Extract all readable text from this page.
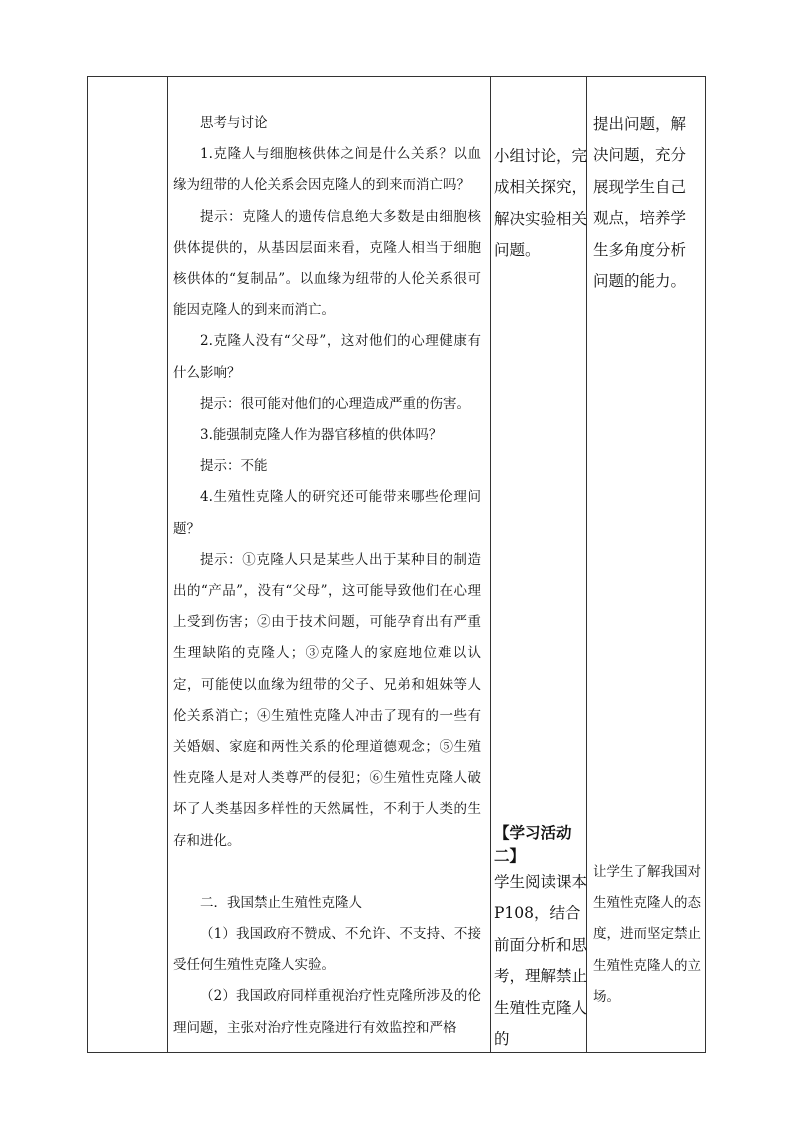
思考与讨论

1.克隆人与细胞核供体之间是什么关系？以血缘为纽带的人伦关系会因克隆人的到来而消亡吗？

提示：克隆人的遗传信息绝大多数是由细胞核供体提供的，从基因层面来看，克隆人相当于细胞核供体的“复制品”。以血缘为纽带的人伦关系很可能因克隆人的到来而消亡。

2.克隆人没有“父母”，这对他们的心理健康有什么影响？

提示：很可能对他们的心理造成严重的伤害。

3.能强制克隆人作为器官移植的供体吗？

提示：不能

4.生殖性克隆人的研究还可能带来哪些伦理问题？

提示：①克隆人只是某些人出于某种目的制造出的“产品”，没有“父母”，这可能导致他们在心理上受到伤害；②由于技术问题，可能孕育出有严重生理缺陷的克隆人；③克隆人的家庭地位难以认定，可能使以血缘为纽带的父子、兄弟和姐妹等人伦关系消亡；④生殖性克隆人冲击了现有的一些有关婚姻、家庭和两性关系的伦理道德观念；⑤生殖性克隆人是对人类尊严的侵犯；⑥生殖性克隆人破坏了人类基因多样性的天然属性，不利于人类的生存和进化。

二．我国禁止生殖性克隆人

（1）我国政府不赞成、不允许、不支持、不接受任何生殖性克隆人实验。

（2）我国政府同样重视治疗性克隆所涉及的伦理问题，主张对治疗性克隆进行有效监控和严格

小组讨论，完成相关探究，解决实验相关问题。

【学习活动二】

学生阅读课本P108，结合前面分析和思考，理解禁止生殖性克隆人的

提出问题，解决问题，充分展现学生自己观点，培养学生多角度分析问题的能力。

让学生了解我国对生殖性克隆人的态度，进而坚定禁止生殖性克隆人的立场。
